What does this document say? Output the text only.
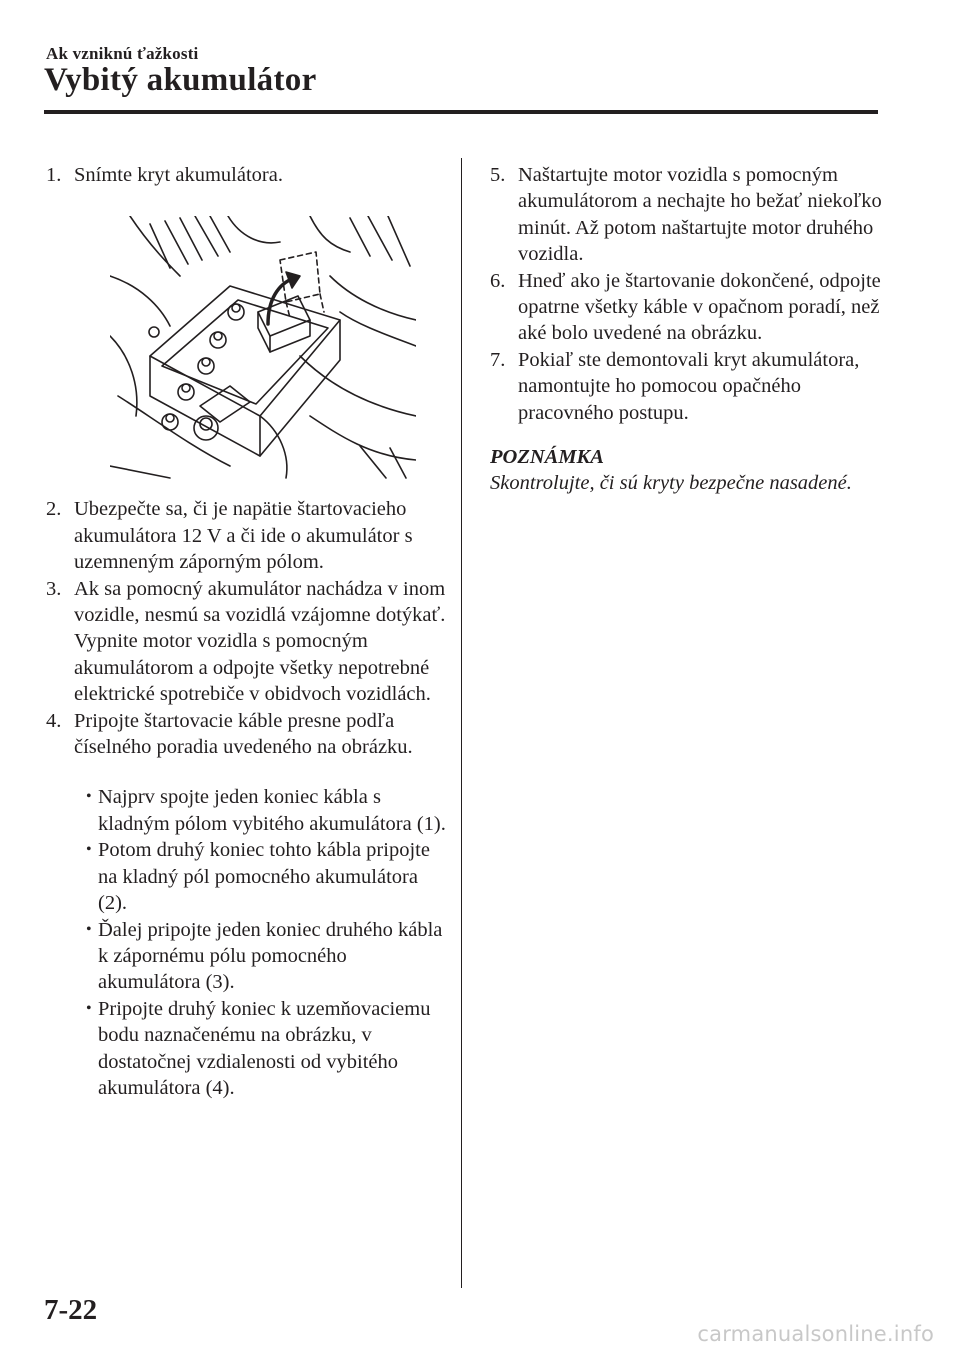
Ak vzniknú ťažkosti
Vybitý akumulátor
1. Snímte kryt akumulátora.
2. Ubezpečte sa, či je napätie štartovacieho akumulátora 12 V a či ide o akumulátor s uzemneným záporným pólom.
3. Ak sa pomocný akumulátor nachádza v inom vozidle, nesmú sa vozidlá vzájomne dotýkať. Vypnite motor vozidla s pomocným akumulátorom a odpojte všetky nepotrebné elektrické spotrebiče v obidvoch vozidlách.
4. Pripojte štartovacie káble presne podľa číselného poradia uvedeného na obrázku.
• Najprv spojte jeden koniec kábla s kladným pólom vybitého akumulátora (1).
• Potom druhý koniec tohto kábla pripojte na kladný pól pomocného akumulátora (2).
• Ďalej pripojte jeden koniec druhého kábla k zápornému pólu pomocného akumulátora (3).
• Pripojte druhý koniec k uzemňovaciemu bodu naznačenému na obrázku, v dostatočnej vzdialenosti od vybitého akumulátora (4).
5. Naštartujte motor vozidla s pomocným akumulátorom a nechajte ho bežať niekoľko minút. Až potom naštartujte motor druhého vozidla.
6. Hneď ako je štartovanie dokončené, odpojte opatrne všetky káble v opačnom poradí, než aké bolo uvedené na obrázku.
7. Pokiaľ ste demontovali kryt akumulátora, namontujte ho pomocou opačného pracovného postupu.
POZNÁMKA
Skontrolujte, či sú kryty bezpečne nasadené.
7-22
carmanualsonline.info
